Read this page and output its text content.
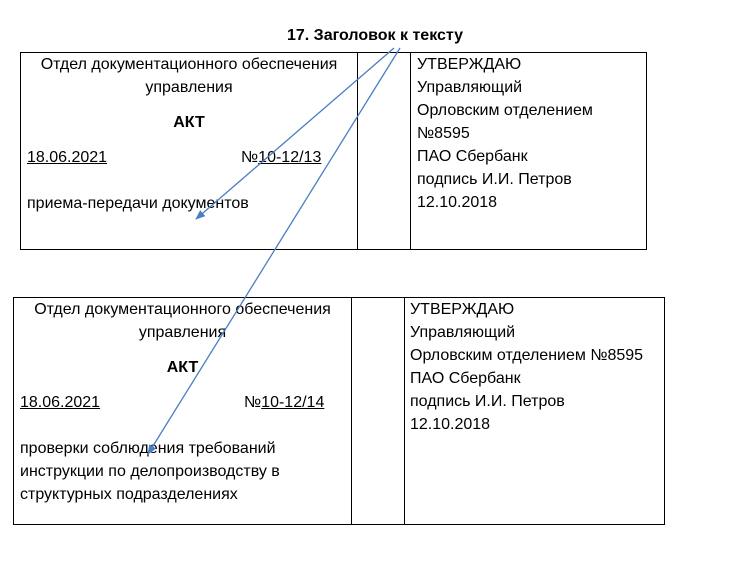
17. Заголовок к тексту
Отдел документационного обеспечения
управления
АКТ
18.06.2021	№10-12/13
приема-передачи документов
УТВЕРЖДАЮ
Управляющий
Орловским отделением №8595
ПАО Сбербанк
подпись И.И. Петров
12.10.2018
Отдел документационного обеспечения
управления
АКТ
18.06.2021	№10-12/14
проверки соблюдения требований
инструкции по делопроизводству в
структурных подразделениях
УТВЕРЖДАЮ
Управляющий
Орловским отделением №8595
ПАО Сбербанк
подпись И.И. Петров
12.10.2018
